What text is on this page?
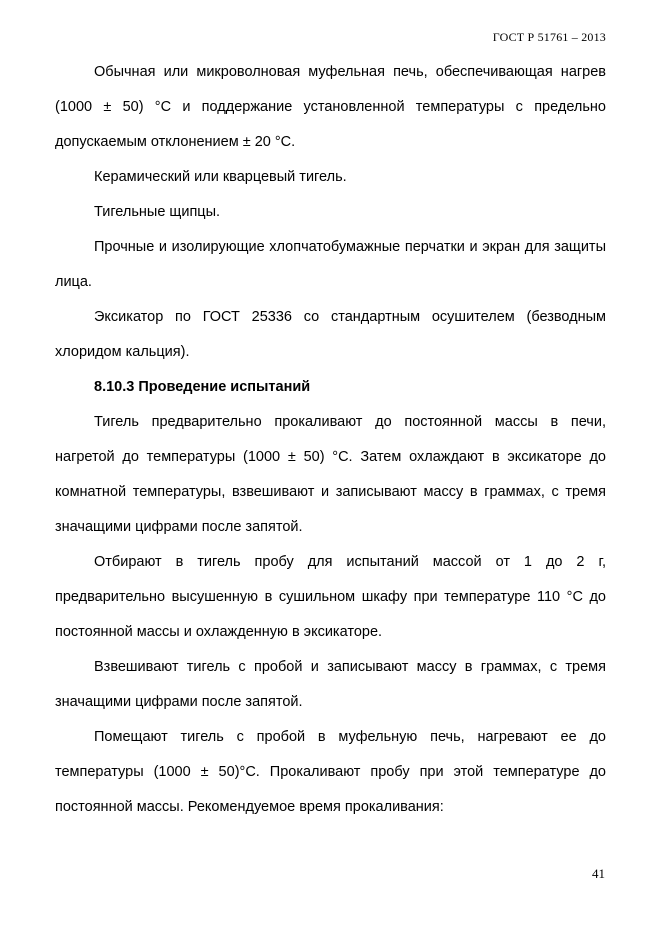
ГОСТ Р 51761 – 2013

Обычная или микроволновая муфельная печь, обеспечивающая нагрев (1000 ± 50) °С и поддержание установленной температуры с предельно допускаемым отклонением ± 20 °С.

Керамический или кварцевый тигель.

Тигельные щипцы.

Прочные и изолирующие хлопчатобумажные перчатки и экран для защиты лица.

Эксикатор по ГОСТ 25336 со стандартным осушителем (безводным хлоридом кальция).

8.10.3 Проведение испытаний

Тигель предварительно прокаливают до постоянной массы в печи, нагретой до температуры (1000 ± 50) °С. Затем охлаждают в эксикаторе до комнатной температуры, взвешивают и записывают массу в граммах, с тремя значащими цифрами после запятой.

Отбирают в тигель пробу для испытаний массой от 1 до 2 г, предварительно высушенную в сушильном шкафу при температуре 110 °С до постоянной массы и охлажденную в эксикаторе.

Взвешивают тигель с пробой и записывают массу в граммах, с тремя значащими цифрами после запятой.

Помещают тигель с пробой в муфельную печь, нагревают ее до температуры (1000 ± 50)°С. Прокаливают пробу при этой температуре до постоянной массы. Рекомендуемое время прокаливания:

41
